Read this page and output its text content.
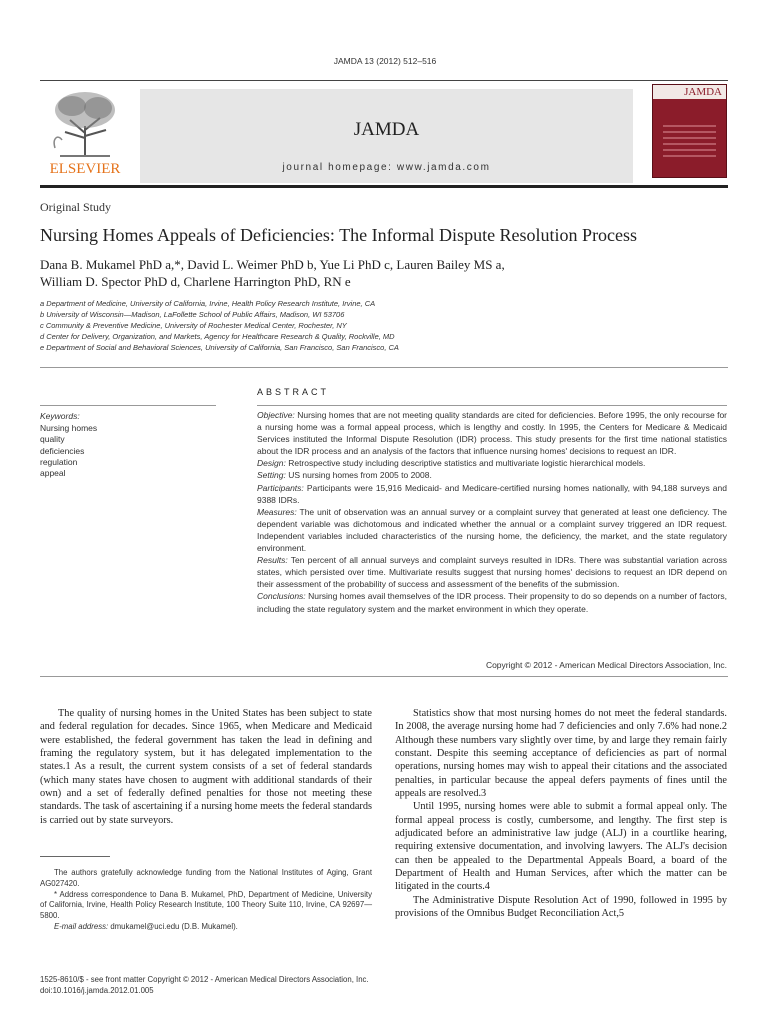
JAMDA 13 (2012) 512–516
ELSEVIER
JAMDA
journal homepage: www.jamda.com
JAMDA
Original Study
Nursing Homes Appeals of Deficiencies: The Informal Dispute Resolution Process
Dana B. Mukamel PhD a,*, David L. Weimer PhD b, Yue Li PhD c, Lauren Bailey MS a,
William D. Spector PhD d, Charlene Harrington PhD, RN e
a Department of Medicine, University of California, Irvine, Health Policy Research Institute, Irvine, CA
b University of Wisconsin—Madison, LaFollette School of Public Affairs, Madison, WI 53706
c Community & Preventive Medicine, University of Rochester Medical Center, Rochester, NY
d Center for Delivery, Organization, and Markets, Agency for Healthcare Research & Quality, Rockville, MD
e Department of Social and Behavioral Sciences, University of California, San Francisco, San Francisco, CA
ABSTRACT
Keywords:
Nursing homes
quality
deficiencies
regulation
appeal
Objective: Nursing homes that are not meeting quality standards are cited for deficiencies. Before 1995, the only recourse for a nursing home was a formal appeal process, which is lengthy and costly. In 1995, the Centers for Medicare & Medicaid Services instituted the Informal Dispute Resolution (IDR) process. This study presents for the first time national statistics about the IDR process and an analysis of the factors that influence nursing homes' decisions to request an IDR.
Design: Retrospective study including descriptive statistics and multivariate logistic hierarchical models.
Setting: US nursing homes from 2005 to 2008.
Participants: Participants were 15,916 Medicaid- and Medicare-certified nursing homes nationally, with 94,188 surveys and 9388 IDRs.
Measures: The unit of observation was an annual survey or a complaint survey that generated at least one deficiency. The dependent variable was dichotomous and indicated whether the annual or a complaint survey triggered an IDR request. Independent variables included characteristics of the nursing home, the deficiency, the market, and the state regulatory environment.
Results: Ten percent of all annual surveys and complaint surveys resulted in IDRs. There was substantial variation across states, which persisted over time. Multivariate results suggest that nursing homes' decisions to request an IDR depend on their assessment of the probability of success and assessment of the benefits of the submission.
Conclusions: Nursing homes avail themselves of the IDR process. Their propensity to do so depends on a number of factors, including the state regulatory system and the market environment in which they operate.
Copyright © 2012 - American Medical Directors Association, Inc.

The quality of nursing homes in the United States has been subject to state and federal regulation for decades. Since 1965, when Medicare and Medicaid were established, the federal government has taken the lead in defining and framing the regulatory system, but it has delegated implementation to the states.1 As a result, the current system consists of a set of federal standards (which many states have chosen to augment with additional standards of their own) and a set of federally defined penalties for those not meeting these standards. The task of ascertaining if a nursing home meets the federal standards is carried out by state surveyors.

The authors gratefully acknowledge funding from the National Institutes of Aging, Grant AG027420.

* Address correspondence to Dana B. Mukamel, PhD, Department of Medicine, University of California, Irvine, Health Policy Research Institute, 100 Theory Suite 110, Irvine, CA 92697—5800.

E-mail address: dmukamel@uci.edu (D.B. Mukamel).

Statistics show that most nursing homes do not meet the federal standards. In 2008, the average nursing home had 7 deficiencies and only 7.6% had none.2 Although these numbers vary slightly over time, by and large they remain fairly constant. Despite this seeming acceptance of deficiencies as part of normal operations, nursing homes may wish to appeal their citations and the associated penalties, in particular because the appeal defers payments of fines until the appeals are resolved.3

Until 1995, nursing homes were able to submit a formal appeal only. The formal appeal process is costly, cumbersome, and lengthy. The first step is adjudicated before an administrative law judge (ALJ) in a courtlike hearing, requiring extensive documentation, and involving lawyers. The ALJ's decision can then be appealed to the Departmental Appeals Board, a board of the Department of Health and Human Services, after which the matter can be litigated in the courts.4

The Administrative Dispute Resolution Act of 1990, followed in 1995 by provisions of the Omnibus Budget Reconciliation Act,5

1525-8610/$ - see front matter Copyright © 2012 - American Medical Directors Association, Inc.
doi:10.1016/j.jamda.2012.01.005
